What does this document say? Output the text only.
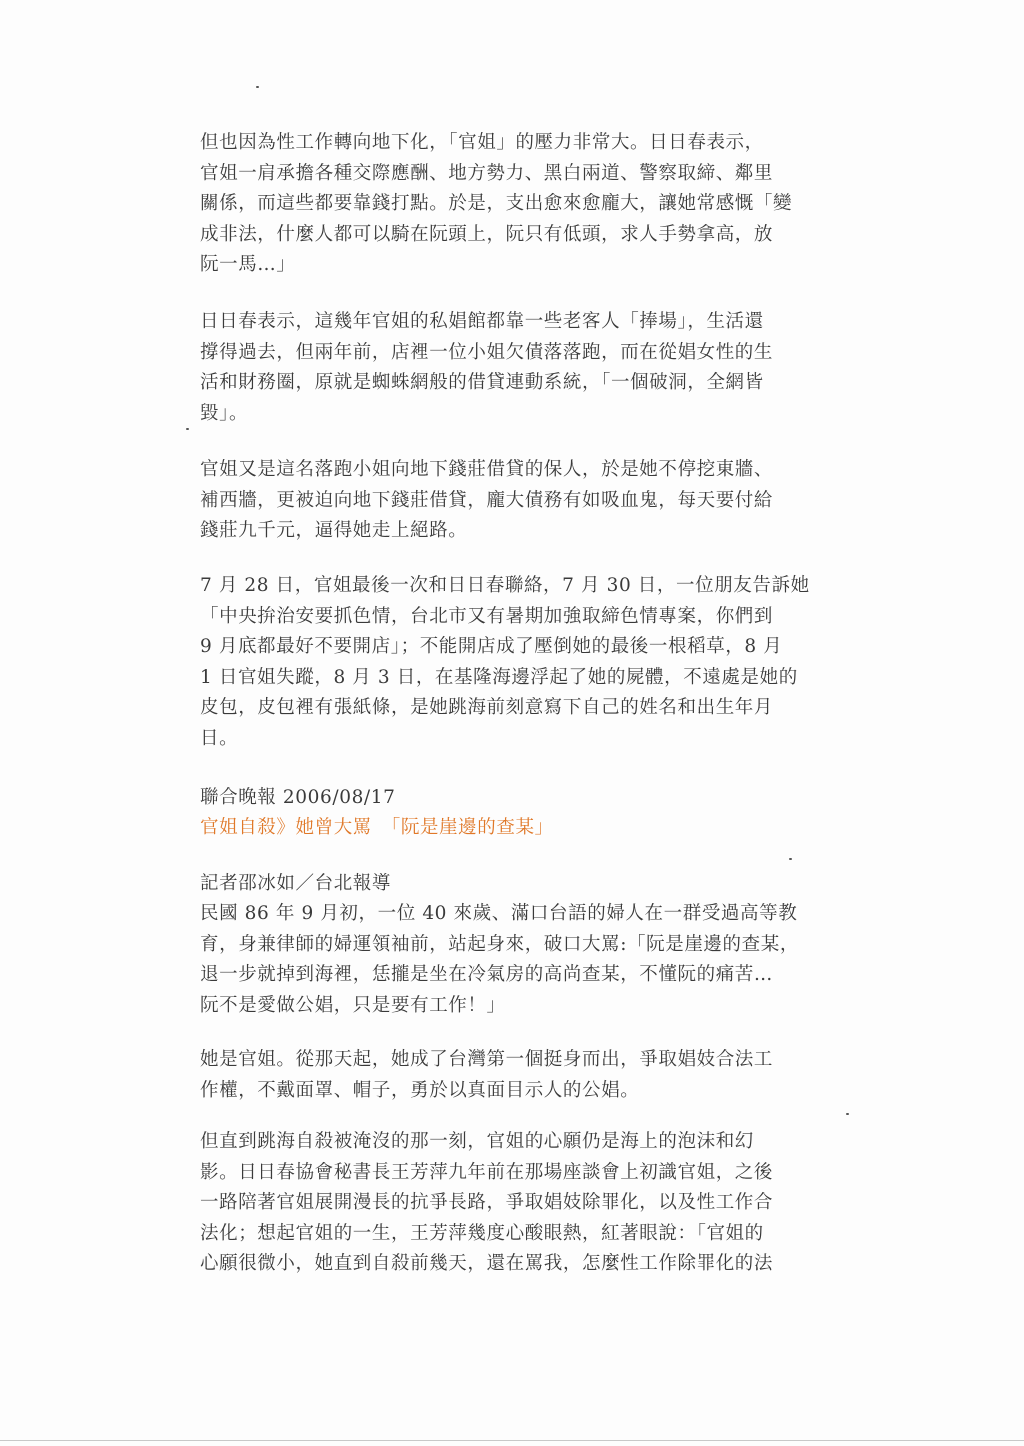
但也因為性工作轉向地下化，「官姐」的壓力非常大。日日春表示，
官姐一肩承擔各種交際應酬、地方勢力、黑白兩道、警察取締、鄰里
關係，而這些都要靠錢打點。於是，支出愈來愈龐大，讓她常感慨「變
成非法，什麼人都可以騎在阮頭上，阮只有低頭，求人手勢拿高，放
阮一馬…」
日日春表示，這幾年官姐的私娼館都靠一些老客人「捧場」，生活還
撐得過去，但兩年前，店裡一位小姐欠債落落跑，而在從娼女性的生
活和財務圈，原就是蜘蛛網般的借貸連動系統，「一個破洞，全網皆
毀」。
官姐又是這名落跑小姐向地下錢莊借貸的保人，於是她不停挖東牆、
補西牆，更被迫向地下錢莊借貸，龐大債務有如吸血鬼，每天要付給
錢莊九千元，逼得她走上絕路。
7 月 28 日，官姐最後一次和日日春聯絡，7 月 30 日，一位朋友告訴她
「中央拚治安要抓色情，台北市又有暑期加強取締色情專案，你們到
9 月底都最好不要開店」；不能開店成了壓倒她的最後一根稻草，8 月
1 日官姐失蹤，8 月 3 日，在基隆海邊浮起了她的屍體，不遠處是她的
皮包，皮包裡有張紙條，是她跳海前刻意寫下自己的姓名和出生年月
日。
聯合晚報 2006/08/17
官姐自殺》她曾大罵　「阮是崖邊的查某」
記者邵冰如／台北報導
民國 86 年 9 月初，一位 40 來歲、滿口台語的婦人在一群受過高等教
育，身兼律師的婦運領袖前，站起身來，破口大罵:「阮是崖邊的查某，
退一步就掉到海裡，恁攏是坐在冷氣房的高尚查某，不懂阮的痛苦…
阮不是愛做公娼，只是要有工作！」
她是官姐。從那天起，她成了台灣第一個挺身而出，爭取娼妓合法工
作權，不戴面罩、帽子，勇於以真面目示人的公娼。
但直到跳海自殺被淹沒的那一刻，官姐的心願仍是海上的泡沫和幻
影。日日春協會秘書長王芳萍九年前在那場座談會上初識官姐，之後
一路陪著官姐展開漫長的抗爭長路，爭取娼妓除罪化，以及性工作合
法化；想起官姐的一生，王芳萍幾度心酸眼熱，紅著眼說：「官姐的
心願很微小，她直到自殺前幾天，還在罵我，怎麼性工作除罪化的法
